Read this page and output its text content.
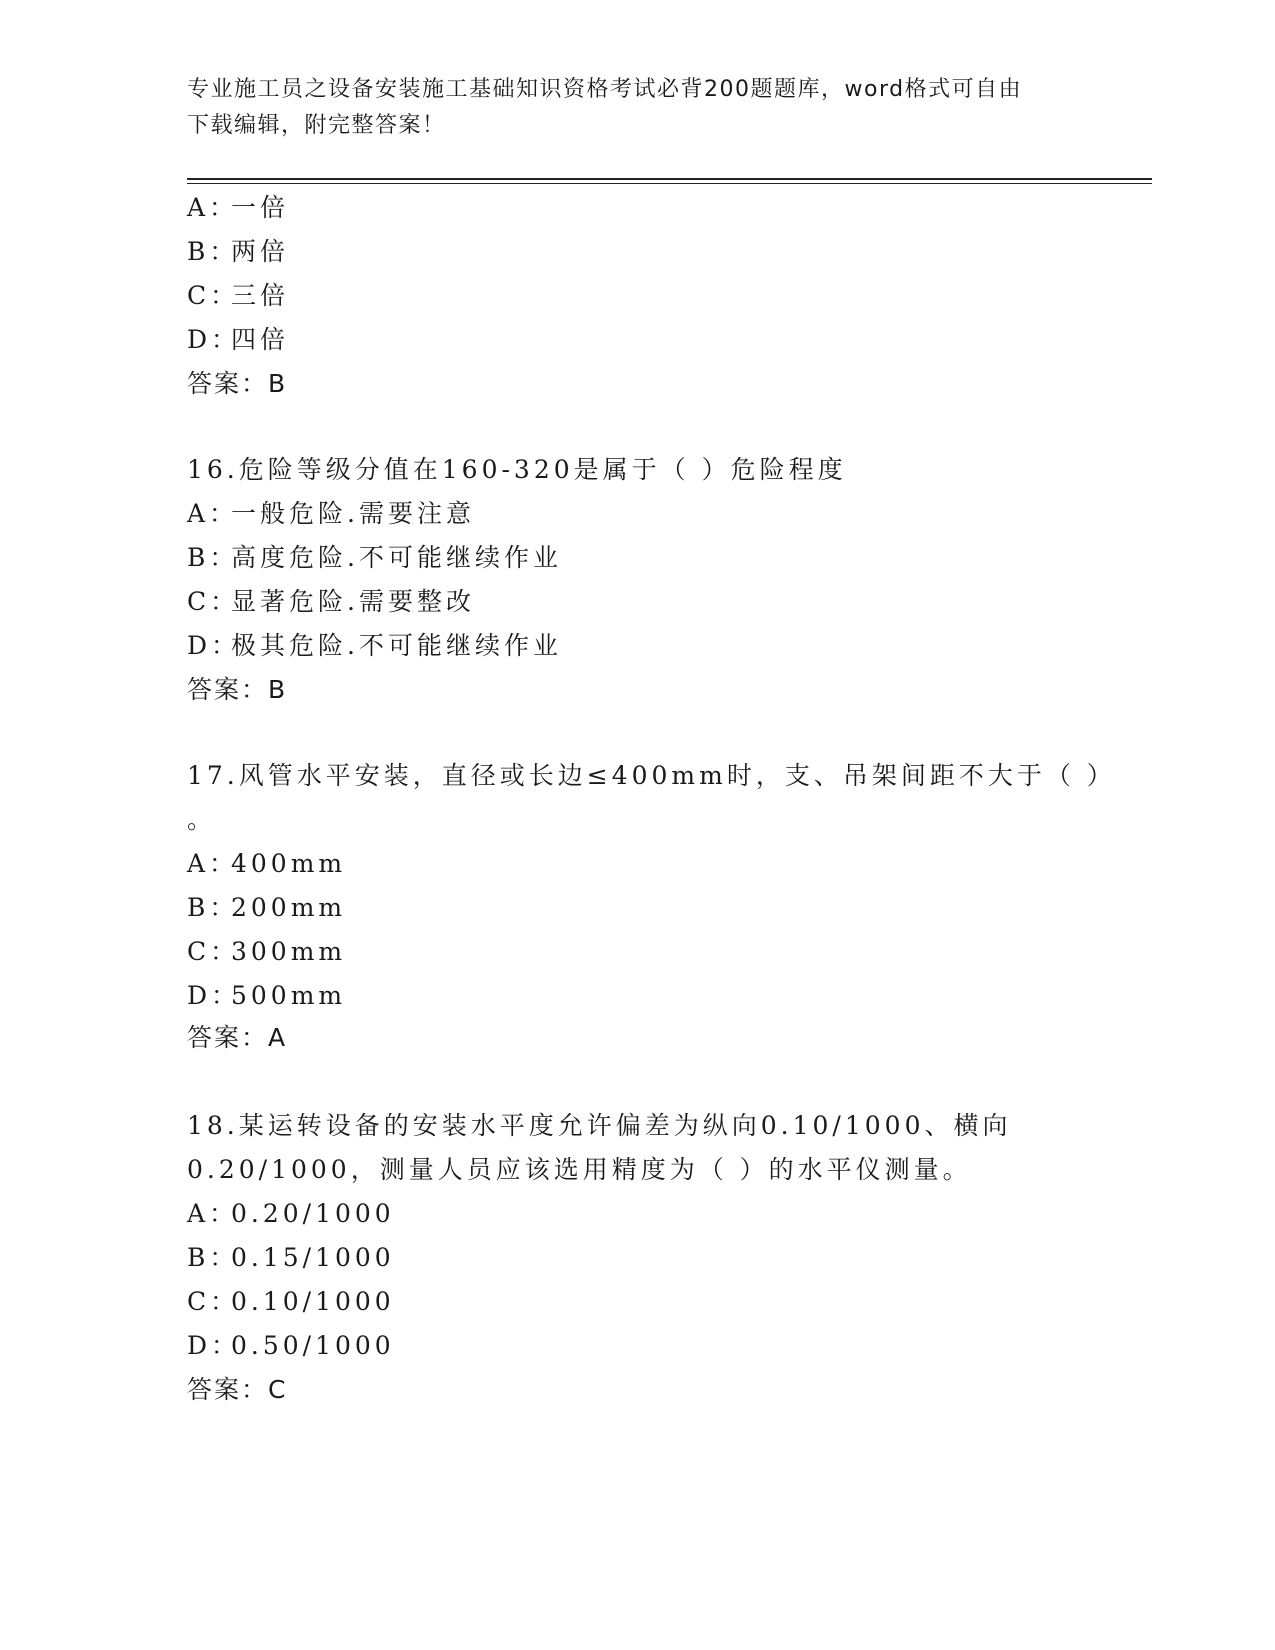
专业施工员之设备安装施工基础知识资格考试必背200题题库，word格式可自由
下载编辑，附完整答案！
A：一倍
B：两倍
C：三倍
D：四倍
答案：B
16.危险等级分值在160-320是属于（ ）危险程度
A：一般危险.需要注意
B：高度危险.不可能继续作业
C：显著危险.需要整改
D：极其危险.不可能继续作业
答案：B
17.风管水平安装，直径或长边≤400mm时，支、吊架间距不大于（ ）
。
A：400mm
B：200mm
C：300mm
D：500mm
答案：A
18.某运转设备的安装水平度允许偏差为纵向0.10/1000、横向
0.20/1000，测量人员应该选用精度为（ ）的水平仪测量。
A：0.20/1000
B：0.15/1000
C：0.10/1000
D：0.50/1000
答案：C
